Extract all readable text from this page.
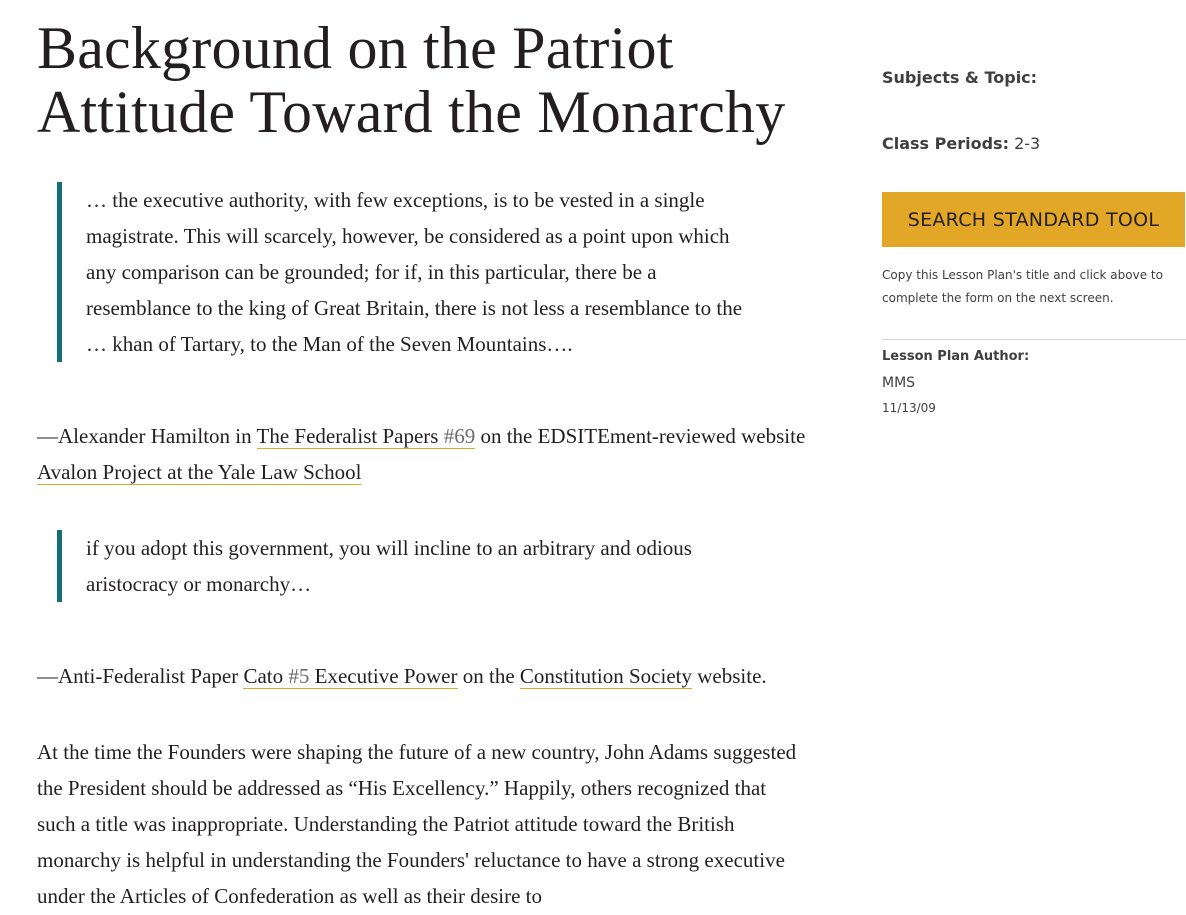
Background on the Patriot
Attitude Toward the Monarchy

… the executive authority, with few exceptions, is to be vested in a single

magistrate. This will scarcely, however, be considered as a point upon which

any comparison can be grounded; for if, in this particular, there be a

resemblance to the king of Great Britain, there is not less a resemblance to the

… khan of Tartary, to the Man of the Seven Mountains….

—Alexander Hamilton in The Federalist Papers #69 on the EDSITEment-reviewed website Avalon Project at the Yale Law School

if you adopt this government, you will incline to an arbitrary and odious

aristocracy or monarchy…

—Anti-Federalist Paper Cato #5 Executive Power on the Constitution Society website.

At the time the Founders were shaping the future of a new country, John Adams suggested the President should be addressed as “His Excellency.” Happily, others recognized that such a title was inappropriate. Understanding the Patriot attitude toward the British monarchy is helpful in understanding the Founders' reluctance to have a strong executive under the Articles of Confederation as well as their desire to

Subjects & Topic:
Class Periods: 2-3
SEARCH STANDARD TOOL

Copy this Lesson Plan's title and click above to complete the form on the next screen.

Lesson Plan Author:
MMS
11/13/09
